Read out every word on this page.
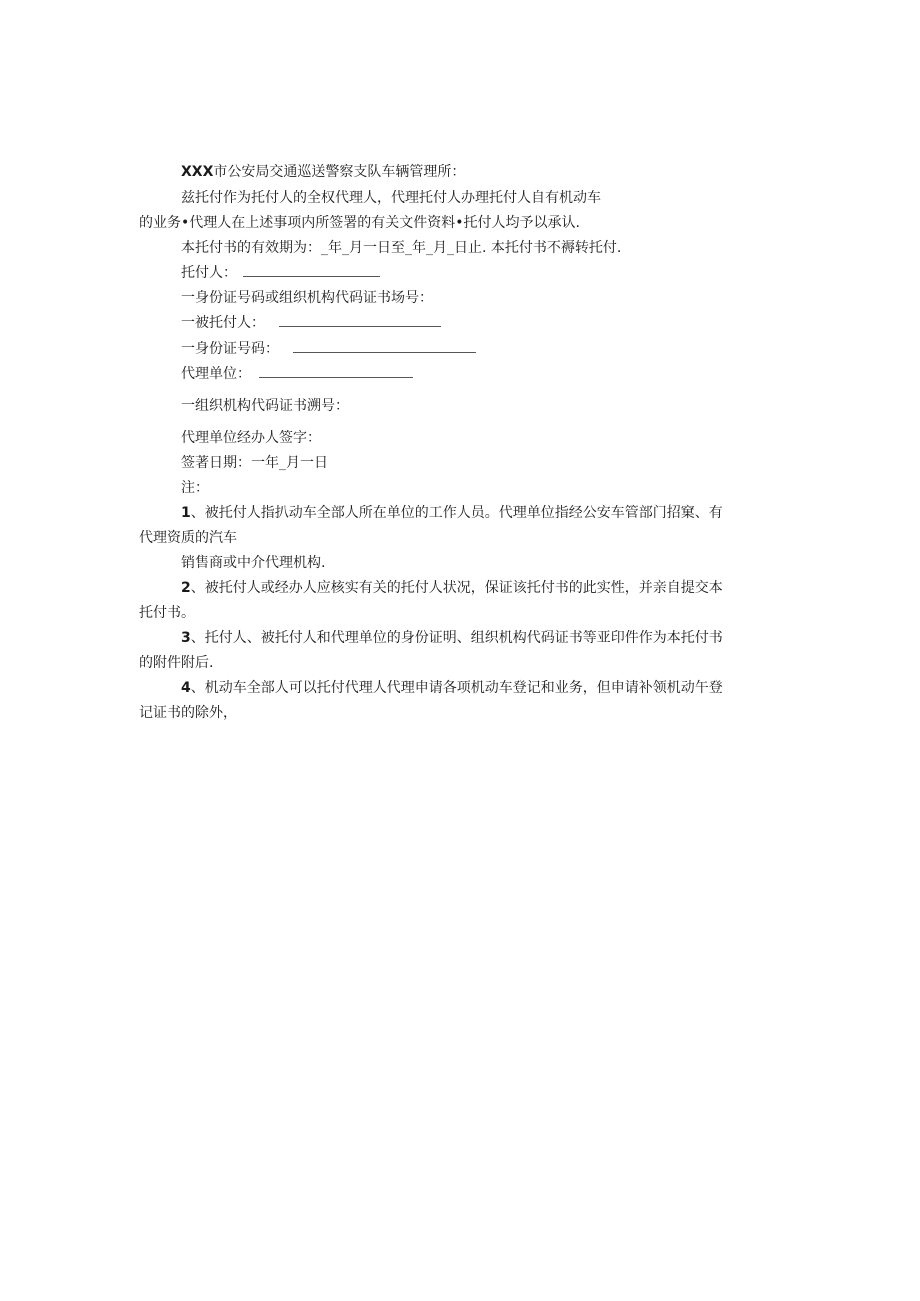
XXX市公安局交通巡送警察支队车辆管理所：
兹托付作为托付人的全权代理人，代理托付人办理托付人自有机动车
的业务•代理人在上述事项内所签署的有关文件资料•托付人均予以承认.
本托付书的有效期为：_年_月一日至_年_月_日止. 本托付书不褥转托付.
托付人：
一身份证号码或组织机构代码证书场号：
一被托付人：
一身份证号码：
代理单位：
一组织机构代码证书溯号：
代理单位经办人签字：
签著日期：一年_月一日
注：
1、被托付人指扒动车全部人所在单位的工作人员。代理单位指经公安车管部门招窠、有
代理资质的汽车
销售商或中介代理机构.
2、被托付人或经办人应核实有关的托付人状况，保证该托付书的此实性，并亲自提交本
托付书。
3、托付人、被托付人和代理单位的身份证明、组织机构代码证书等亚印件作为本托付书
的附件附后.
4、机动车全部人可以托付代理人代理申请各项机动车登记和业务，但申请补领机动午登
记证书的除外，
